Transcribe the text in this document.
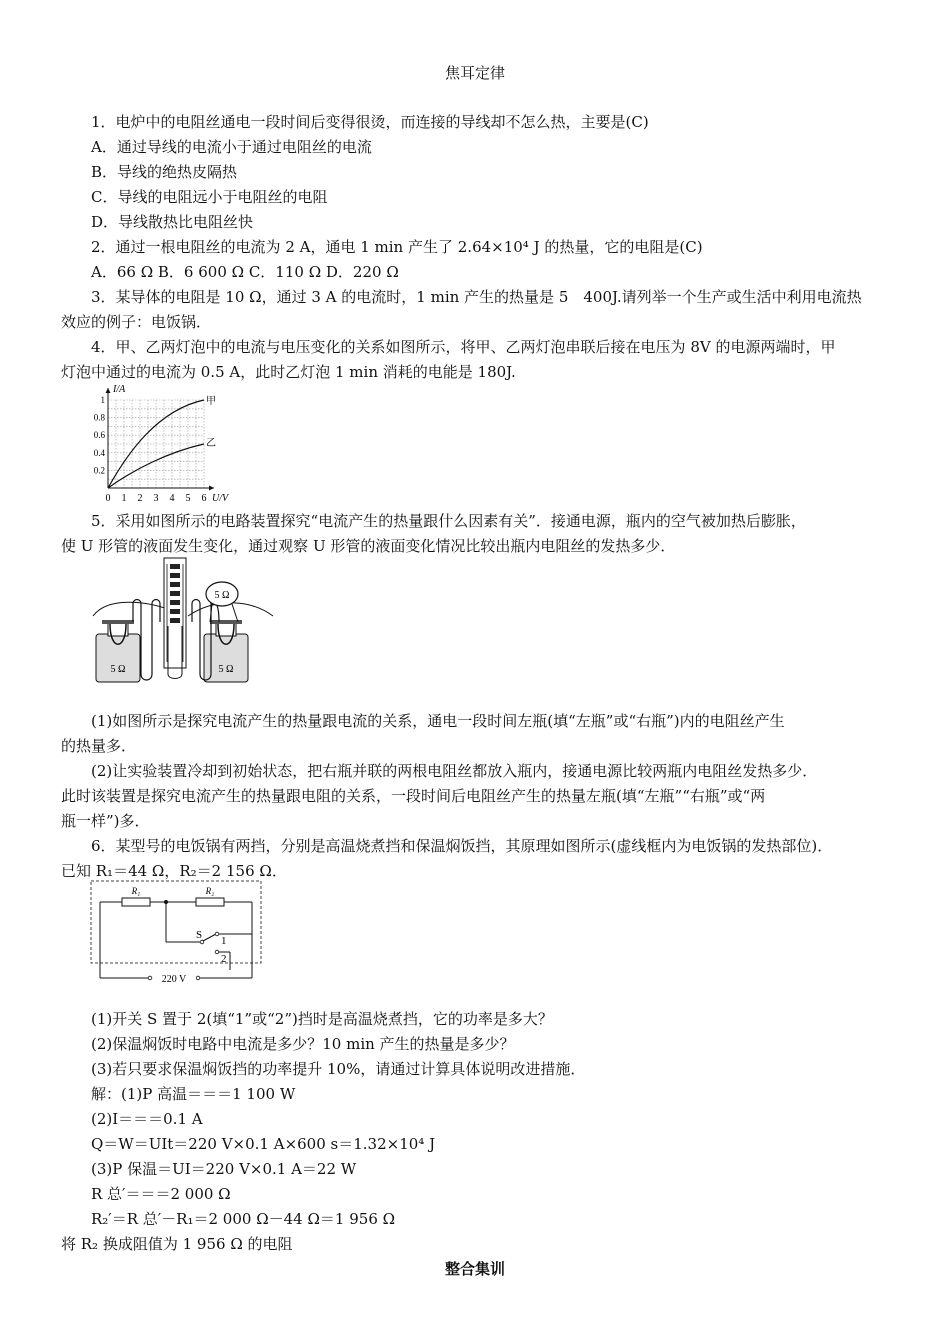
焦耳定律
1．电炉中的电阻丝通电一段时间后变得很烫，而连接的导线却不怎么热，主要是(C)
A．通过导线的电流小于通过电阻丝的电流
B．导线的绝热皮隔热
C．导线的电阻远小于电阻丝的电阻
D．导线散热比电阻丝快
2．通过一根电阻丝的电流为 2 A，通电 1 min 产生了 2.64×10⁴ J 的热量，它的电阻是(C)
A．66 Ω B．6 600 Ω C．110 Ω D．220 Ω
3．某导体的电阻是 10 Ω，通过 3 A 的电流时，1 min 产生的热量是 5　400J.请列举一个生产或生活中利用电流热
效应的例子：电饭锅．
4．甲、乙两灯泡中的电流与电压变化的关系如图所示，将甲、乙两灯泡串联后接在电压为 8V 的电源两端时，甲
灯泡中通过的电流为 0.5 A，此时乙灯泡 1 min 消耗的电能是 180J.
甲
乙
I/A
U/V
1
0.8
0.6
0.4
0.2
0 1 2 3 4 5 6
5．采用如图所示的电路装置探究“电流产生的热量跟什么因素有关”．接通电源，瓶内的空气被加热后膨胀，
使 U 形管的液面发生变化，通过观察 U 形管的液面变化情况比较出瓶内电阻丝的发热多少．
5 Ω	5 Ω
5 Ω
(1)如图所示是探究电流产生的热量跟电流的关系，通电一段时间左瓶(填“左瓶”或“右瓶”)内的电阻丝产生
的热量多．
(2)让实验装置冷却到初始状态，把右瓶并联的两根电阻丝都放入瓶内，接通电源比较两瓶内电阻丝发热多少．
此时该装置是探究电流产生的热量跟电阻的关系，一段时间后电阻丝产生的热量左瓶(填“左瓶”“右瓶”或“两
瓶一样”)多．
6．某型号的电饭锅有两挡，分别是高温烧煮挡和保温焖饭挡，其原理如图所示(虚线框内为电饭锅的发热部位)．
已知 R₁＝44 Ω，R₂＝2 156 Ω．
R₁	R₂
S 1
2
220 V
(1)开关 S 置于 2(填“1”或“2”)挡时是高温烧煮挡，它的功率是多大？
(2)保温焖饭时电路中电流是多少？10 min 产生的热量是多少？
(3)若只要求保温焖饭挡的功率提升 10%，请通过计算具体说明改进措施．
解：(1)P 高温＝＝＝1 100 W
(2)I＝＝＝0.1 A
Q＝W＝UIt＝220 V×0.1 A×600 s＝1.32×10⁴ J
(3)P 保温＝UI＝220 V×0.1 A＝22 W
R 总′＝＝＝2 000 Ω
R₂′＝R 总′－R₁＝2 000 Ω－44 Ω＝1 956 Ω
将 R₂ 换成阻值为 1 956 Ω 的电阻
整合集训
